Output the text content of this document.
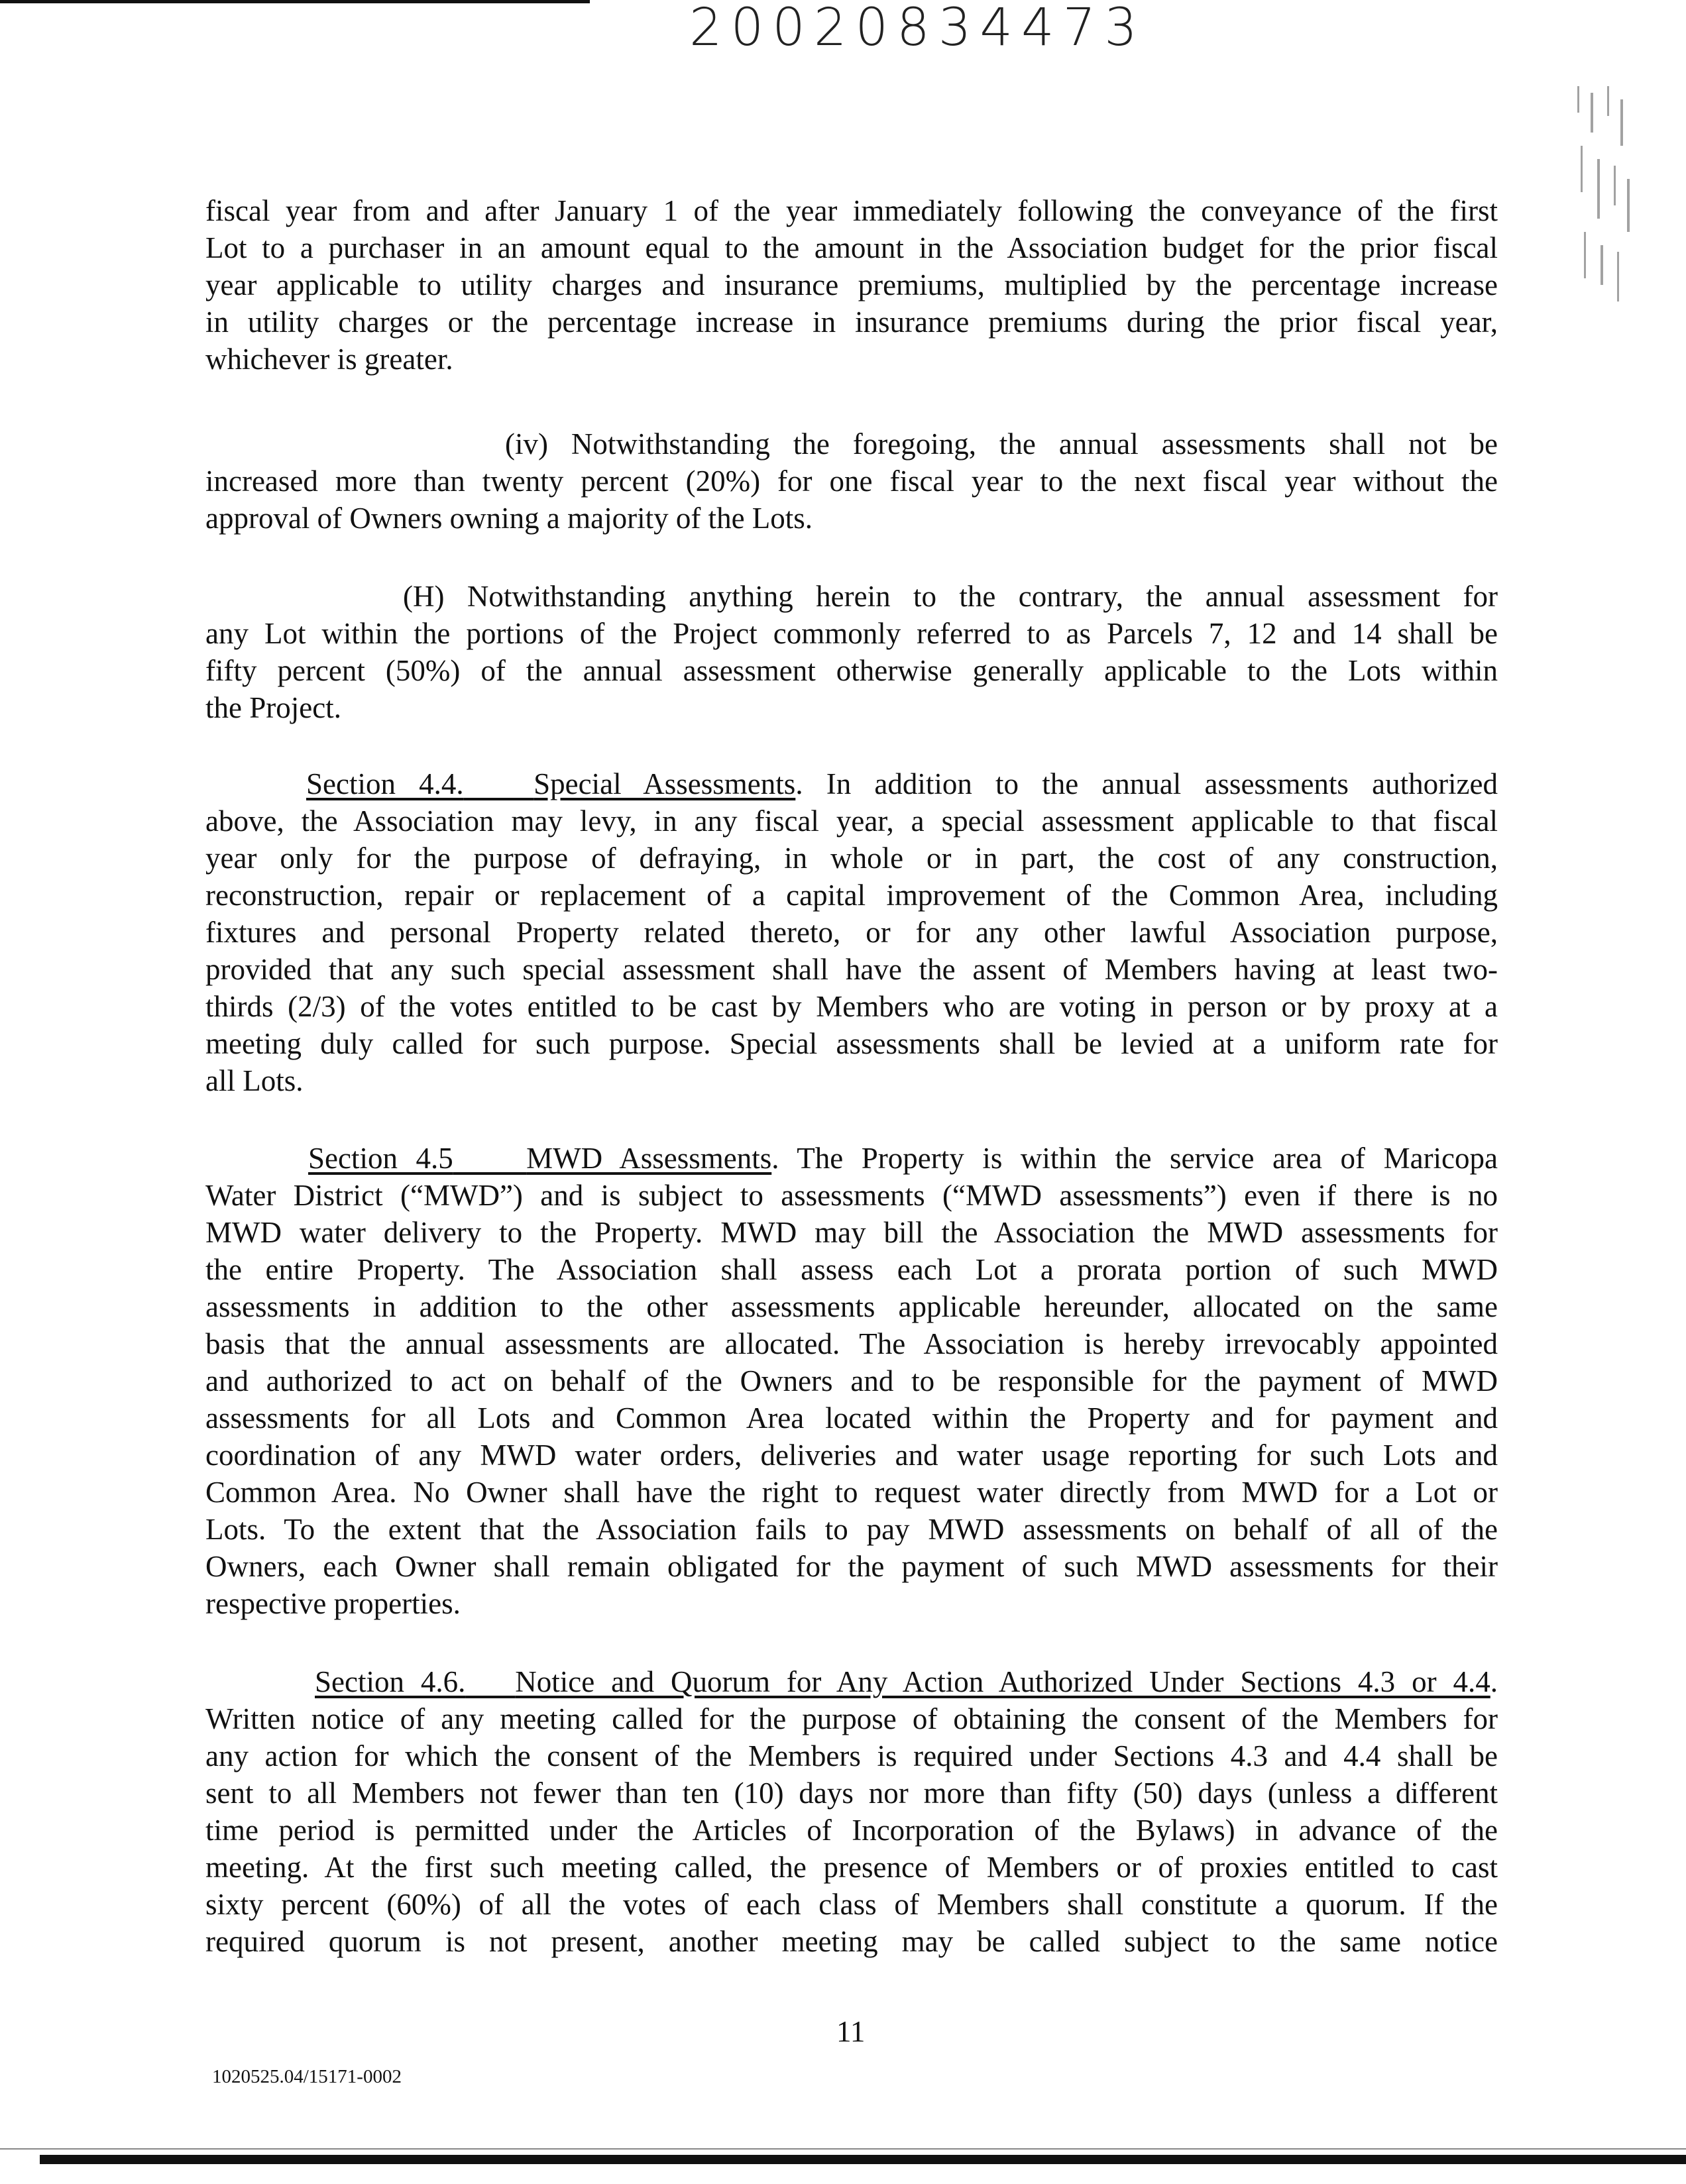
20020834473
fiscal year from and after January 1 of the year immediately following the conveyance of the first
Lot to a purchaser in an amount equal to the amount in the Association budget for the prior fiscal
year applicable to utility charges and insurance premiums, multiplied by the percentage increase
in utility charges or the percentage increase in insurance premiums during the prior fiscal year,
whichever is greater.
(iv) Notwithstanding the foregoing, the annual assessments shall not be
increased more than twenty percent (20%) for one fiscal year to the next fiscal year without the
approval of Owners owning a majority of the Lots.
(H) Notwithstanding anything herein to the contrary, the annual assessment for
any Lot within the portions of the Project commonly referred to as Parcels 7, 12 and 14 shall be
fifty percent (50%) of the annual assessment otherwise generally applicable to the Lots within
the Project.
Section 4.4. Special Assessments. In addition to the annual assessments authorized
above, the Association may levy, in any fiscal year, a special assessment applicable to that fiscal
year only for the purpose of defraying, in whole or in part, the cost of any construction,
reconstruction, repair or replacement of a capital improvement of the Common Area, including
fixtures and personal Property related thereto, or for any other lawful Association purpose,
provided that any such special assessment shall have the assent of Members having at least two-
thirds (2/3) of the votes entitled to be cast by Members who are voting in person or by proxy at a
meeting duly called for such purpose. Special assessments shall be levied at a uniform rate for
all Lots.
Section 4.5 MWD Assessments. The Property is within the service area of Maricopa
Water District (“MWD”) and is subject to assessments (“MWD assessments”) even if there is no
MWD water delivery to the Property. MWD may bill the Association the MWD assessments for
the entire Property. The Association shall assess each Lot a prorata portion of such MWD
assessments in addition to the other assessments applicable hereunder, allocated on the same
basis that the annual assessments are allocated. The Association is hereby irrevocably appointed
and authorized to act on behalf of the Owners and to be responsible for the payment of MWD
assessments for all Lots and Common Area located within the Property and for payment and
coordination of any MWD water orders, deliveries and water usage reporting for such Lots and
Common Area. No Owner shall have the right to request water directly from MWD for a Lot or
Lots. To the extent that the Association fails to pay MWD assessments on behalf of all of the
Owners, each Owner shall remain obligated for the payment of such MWD assessments for their
respective properties.
Section 4.6. Notice and Quorum for Any Action Authorized Under Sections 4.3 or 4.4.
Written notice of any meeting called for the purpose of obtaining the consent of the Members for
any action for which the consent of the Members is required under Sections 4.3 and 4.4 shall be
sent to all Members not fewer than ten (10) days nor more than fifty (50) days (unless a different
time period is permitted under the Articles of Incorporation of the Bylaws) in advance of the
meeting. At the first such meeting called, the presence of Members or of proxies entitled to cast
sixty percent (60%) of all the votes of each class of Members shall constitute a quorum. If the
required quorum is not present, another meeting may be called subject to the same notice
11
1020525.04/15171-0002
